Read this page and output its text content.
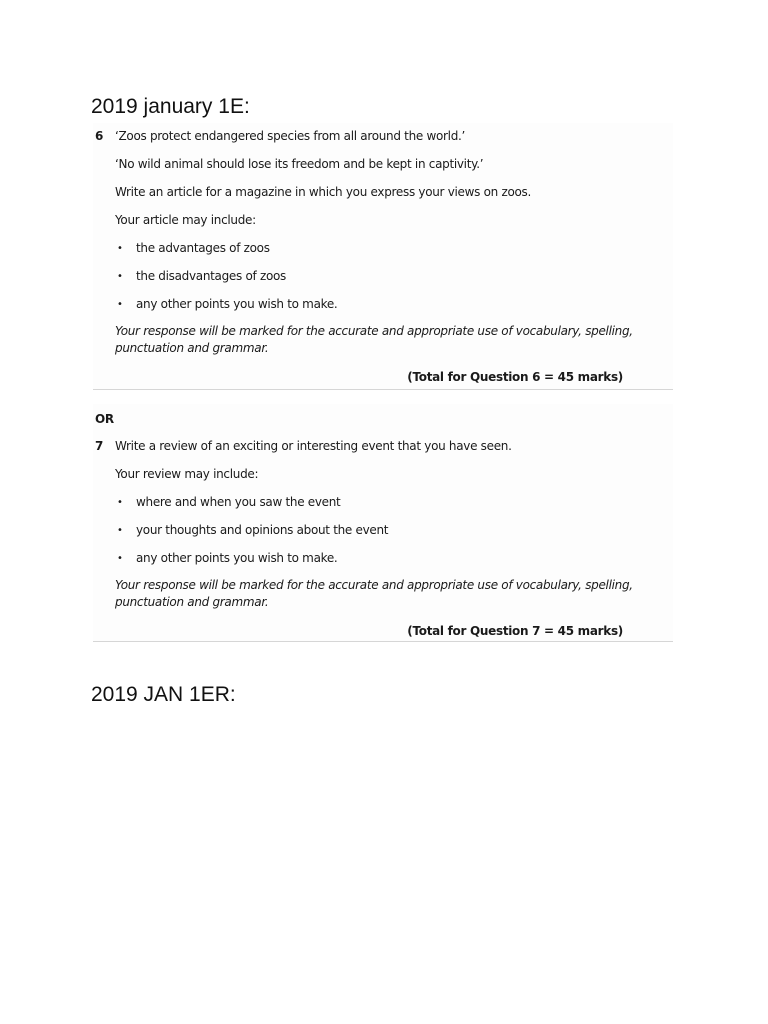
2019 january 1E:
6 ‘Zoos protect endangered species from all around the world.’
‘No wild animal should lose its freedom and be kept in captivity.’
Write an article for a magazine in which you express your views on zoos.
Your article may include:
• the advantages of zoos
• the disadvantages of zoos
• any other points you wish to make.
Your response will be marked for the accurate and appropriate use of vocabulary, spelling,
punctuation and grammar.
(Total for Question 6 = 45 marks)
OR
7 Write a review of an exciting or interesting event that you have seen.
Your review may include:
• where and when you saw the event
• your thoughts and opinions about the event
• any other points you wish to make.
Your response will be marked for the accurate and appropriate use of vocabulary, spelling,
punctuation and grammar.
(Total for Question 7 = 45 marks)
2019 JAN 1ER:
